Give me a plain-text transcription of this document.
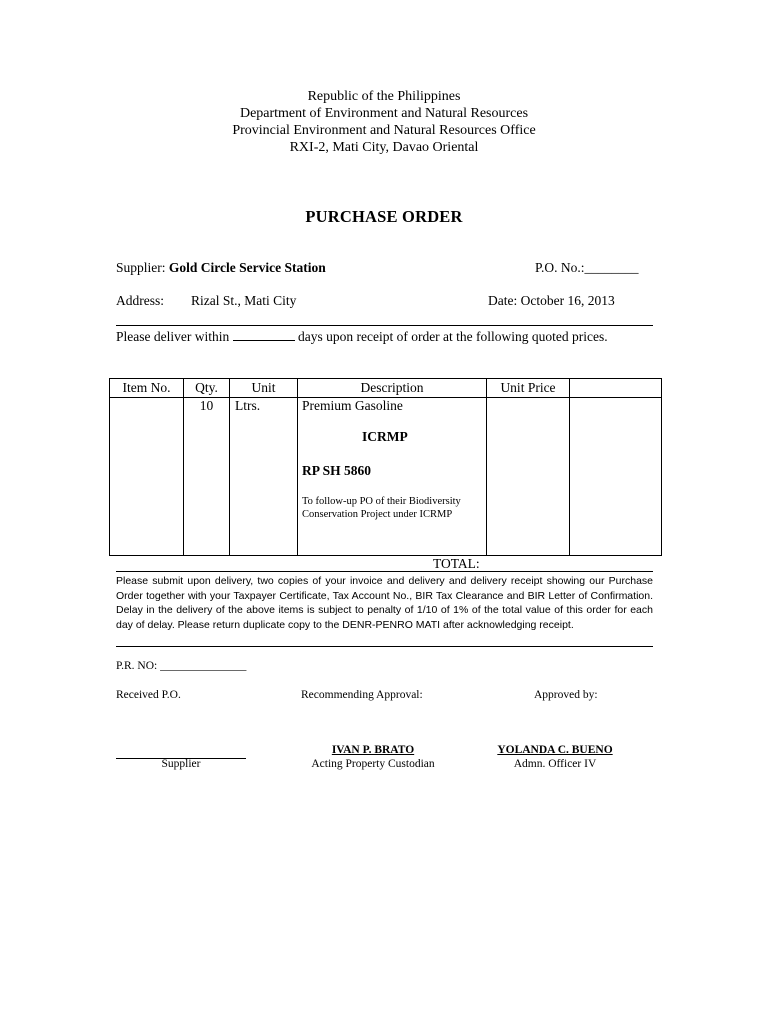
Republic of the Philippines
Department of Environment and Natural Resources
Provincial Environment and Natural Resources Office
RXI-2, Mati City, Davao Oriental
PURCHASE ORDER
Supplier: Gold Circle Service Station	P.O. No.:________
Address: Rizal St., Mati City	Date: October 16, 2013
Please deliver within	days upon receipt of order at the following quoted prices.
Item No.	Qty.	Unit	Description	Unit Price	
	10	Ltrs.	Premium Gasoline
ICRMP
RP SH 5860
To follow-up PO of their Biodiversity Conservation Project under ICRMP		

TOTAL:
Please submit upon delivery, two copies of your invoice and delivery and delivery receipt showing our Purchase Order together with your Taxpayer Certificate, Tax Account No., BIR Tax Clearance and BIR Letter of Confirmation. Delay in the delivery of the above items is subject to penalty of 1/10 of 1% of the total value of this order for each day of delay. Please return duplicate copy to the DENR-PENRO MATI after acknowledging receipt.
P.R. NO: _______________
Received P.O.	Recommending Approval:	Approved by:
Supplier
IVAN P. BRATO
Acting Property Custodian
YOLANDA C. BUENO
Admn. Officer IV
